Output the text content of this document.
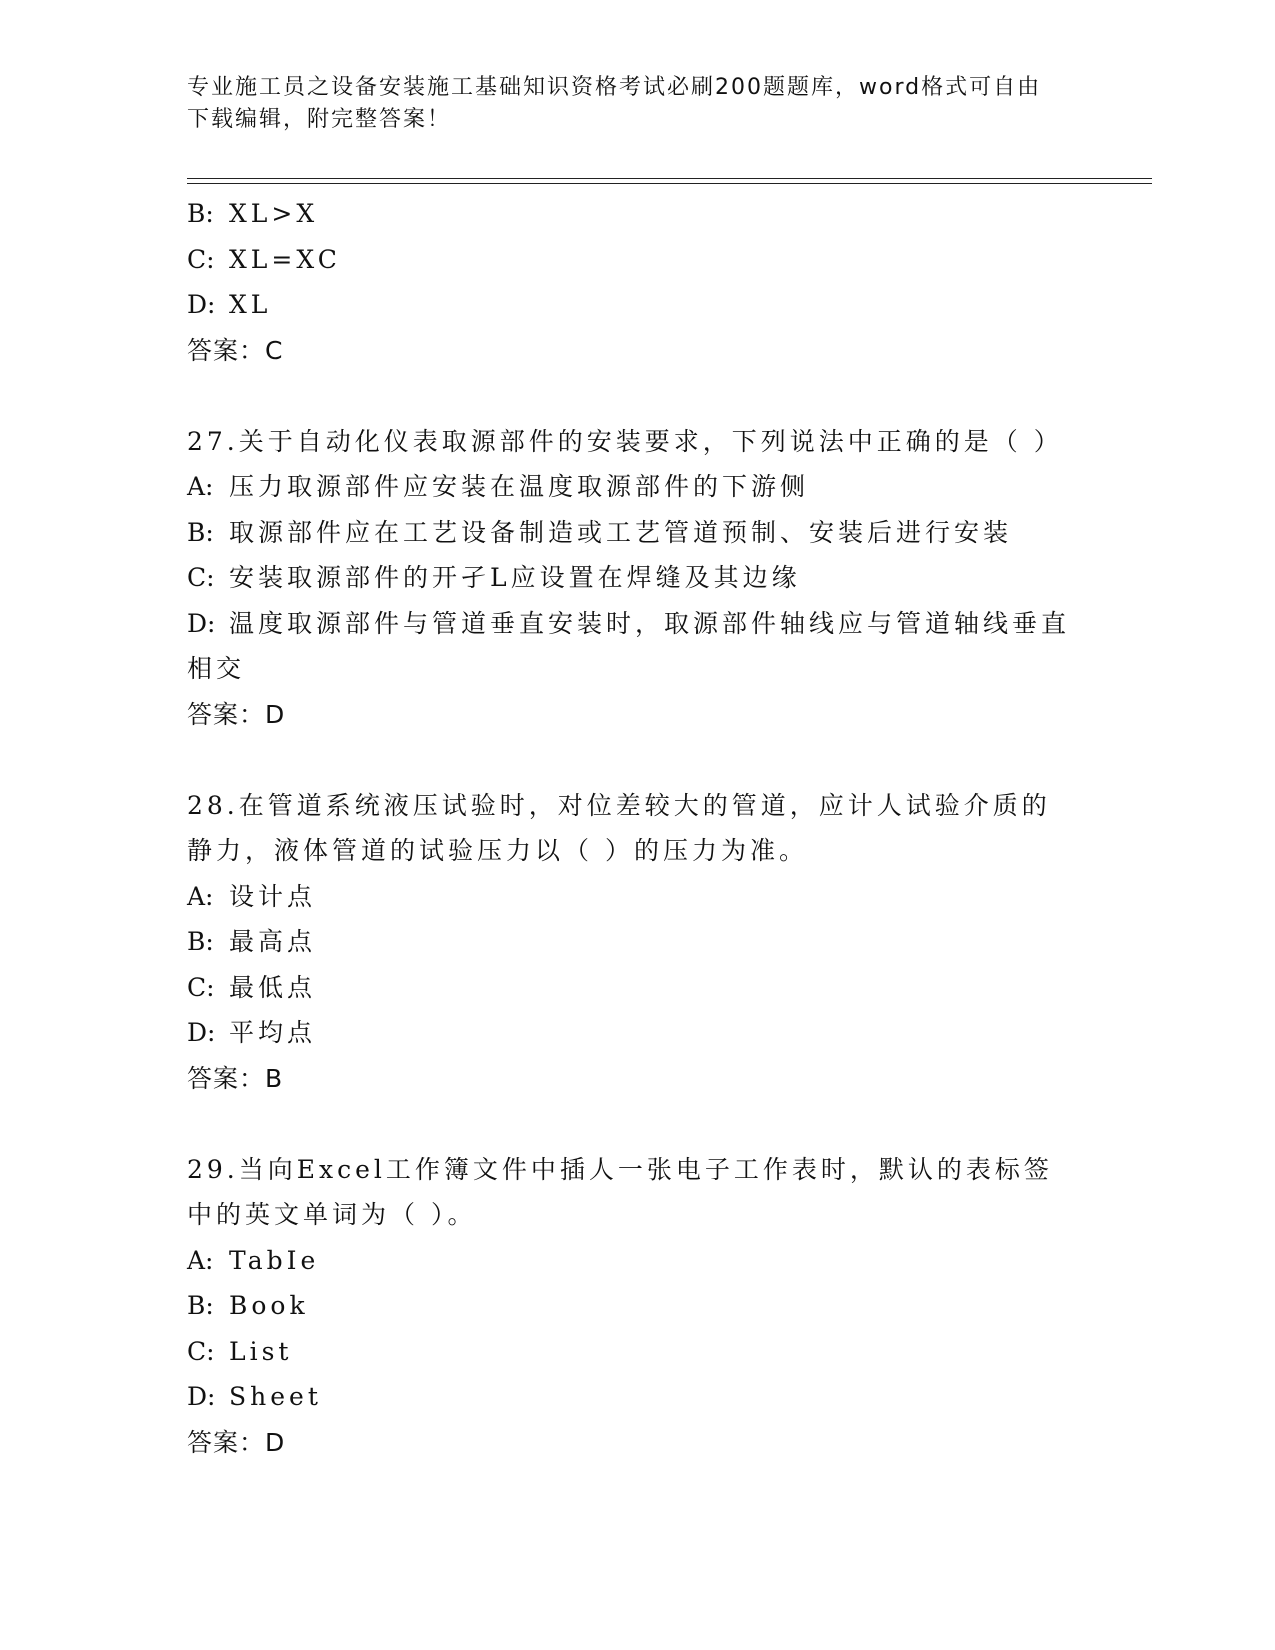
专业施工员之设备安装施工基础知识资格考试必刷200题题库，word格式可自由
下载编辑，附完整答案！
B: XL>X
C: XL=XC
D: XL
答案：C
27.关于自动化仪表取源部件的安装要求，下列说法中正确的是（ ）
A: 压力取源部件应安装在温度取源部件的下游侧
B: 取源部件应在工艺设备制造或工艺管道预制、安装后进行安装
C: 安装取源部件的开孑L应设置在焊缝及其边缘
D: 温度取源部件与管道垂直安装时，取源部件轴线应与管道轴线垂直相交
答案：D
28.在管道系统液压试验时，对位差较大的管道，应计人试验介质的静力，液体管道的试验压力以（ ）的压力为准。
A: 设计点
B: 最高点
C: 最低点
D: 平均点
答案：B
29.当向Excel工作簿文件中插人一张电子工作表时，默认的表标签中的英文单词为（ ）。
A: TabIe
B: Book
C: List
D: Sheet
答案：D
